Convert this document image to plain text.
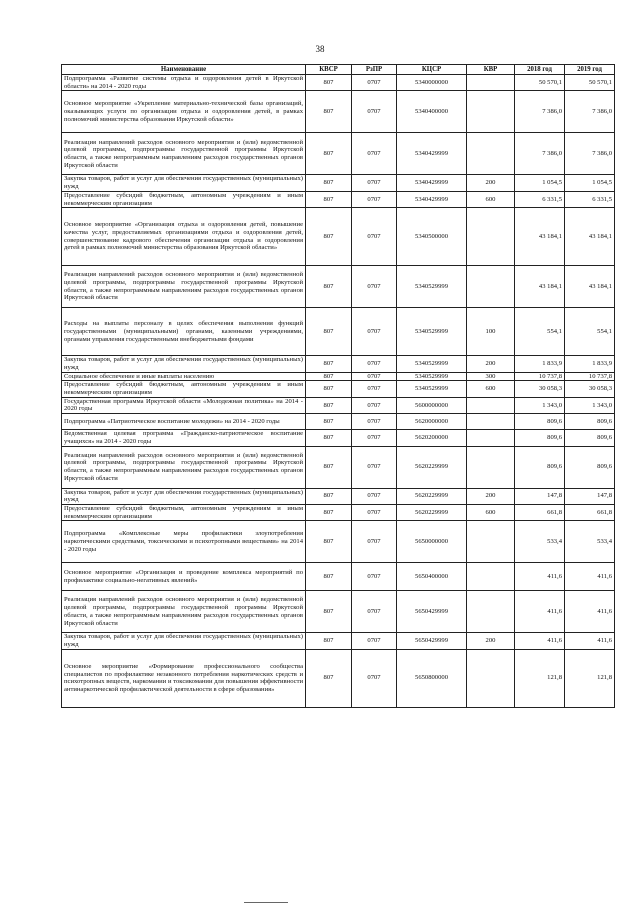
38
Наименование	КВСР	РзПР	КЦСР	КВР	2018 год	2019 год
Подпрограмма «Развитие системы отдыха и оздоровления детей в Иркутской области» на 2014 - 2020 годы	807	0707	5340000000		50 570,1	50 570,1
Основное мероприятие «Укрепление материально-технической базы организаций, оказывающих услуги по организации отдыха и оздоровления детей, в рамках полномочий министерства образования Иркутской области»	807	0707	5340400000		7 386,0	7 386,0
Реализация направлений расходов основного мероприятия и (или) ведомственной целевой программы, подпрограммы государственной программы Иркутской области, а также непрограммным направлениям расходов государственных органов Иркутской области	807	0707	5340429999		7 386,0	7 386,0
Закупка товаров, работ и услуг для обеспечения государственных (муниципальных) нужд	807	0707	5340429999	200	1 054,5	1 054,5
Предоставление субсидий бюджетным, автономным учреждениям и иным некоммерческим организациям	807	0707	5340429999	600	6 331,5	6 331,5
Основное мероприятие «Организация отдыха и оздоровления детей, повышение качества услуг, предоставляемых организациями отдыха и оздоровления детей, совершенствование кадрового обеспечения организации отдыха и оздоровления детей в рамках полномочий министерства образования Иркутской области»	807	0707	5340500000		43 184,1	43 184,1
Реализация направлений расходов основного мероприятия и (или) ведомственной целевой программы, подпрограммы государственной программы Иркутской области, а также непрограммным направлениям расходов государственных органов Иркутской области	807	0707	5340529999		43 184,1	43 184,1
Расходы на выплаты персоналу в целях обеспечения выполнения функций государственными (муниципальными) органами, казенными учреждениями, органами управления государственными внебюджетными фондами	807	0707	5340529999	100	554,1	554,1
Закупка товаров, работ и услуг для обеспечения государственных (муниципальных) нужд	807	0707	5340529999	200	1 833,9	1 833,9
Социальное обеспечение и иные выплаты населению	807	0707	5340529999	300	10 737,8	10 737,8
Предоставление субсидий бюджетным, автономным учреждениям и иным некоммерческим организациям	807	0707	5340529999	600	30 058,3	30 058,3
Государственная программа Иркутской области «Молодежная политика» на 2014 - 2020 годы	807	0707	5600000000		1 343,0	1 343,0
Подпрограмма «Патриотическое воспитание молодежи» на 2014 - 2020 годы	807	0707	5620000000		809,6	809,6
Ведомственная целевая программа «Гражданско-патриотическое воспитание учащихся» на 2014 - 2020 годы	807	0707	5620200000		809,6	809,6
Реализация направлений расходов основного мероприятия и (или) ведомственной целевой программы, подпрограммы государственной программы Иркутской области, а также непрограммным направлениям расходов государственных органов Иркутской области	807	0707	5620229999		809,6	809,6
Закупка товаров, работ и услуг для обеспечения государственных (муниципальных) нужд	807	0707	5620229999	200	147,8	147,8
Предоставление субсидий бюджетным, автономным учреждениям и иным некоммерческим организациям	807	0707	5620229999	600	661,8	661,8
Подпрограмма «Комплексные меры профилактики злоупотребления наркотическими средствами, токсическими и психотропными веществами» на 2014 - 2020 годы	807	0707	5650000000		533,4	533,4
Основное мероприятие «Организация и проведение комплекса мероприятий по профилактике социально-негативных явлений»	807	0707	5650400000		411,6	411,6
Реализация направлений расходов основного мероприятия и (или) ведомственной целевой программы, подпрограммы государственной программы Иркутской области, а также непрограммным направлениям расходов государственных органов Иркутской области	807	0707	5650429999		411,6	411,6
Закупка товаров, работ и услуг для обеспечения государственных (муниципальных) нужд	807	0707	5650429999	200	411,6	411,6
Основное мероприятие «Формирование профессионального сообщества специалистов по профилактике незаконного потребления наркотических средств и психотропных веществ, наркомании и токсикомании для повышения эффективности антинаркотической профилактической деятельности в сфере образования»	807	0707	5650800000		121,8	121,8
